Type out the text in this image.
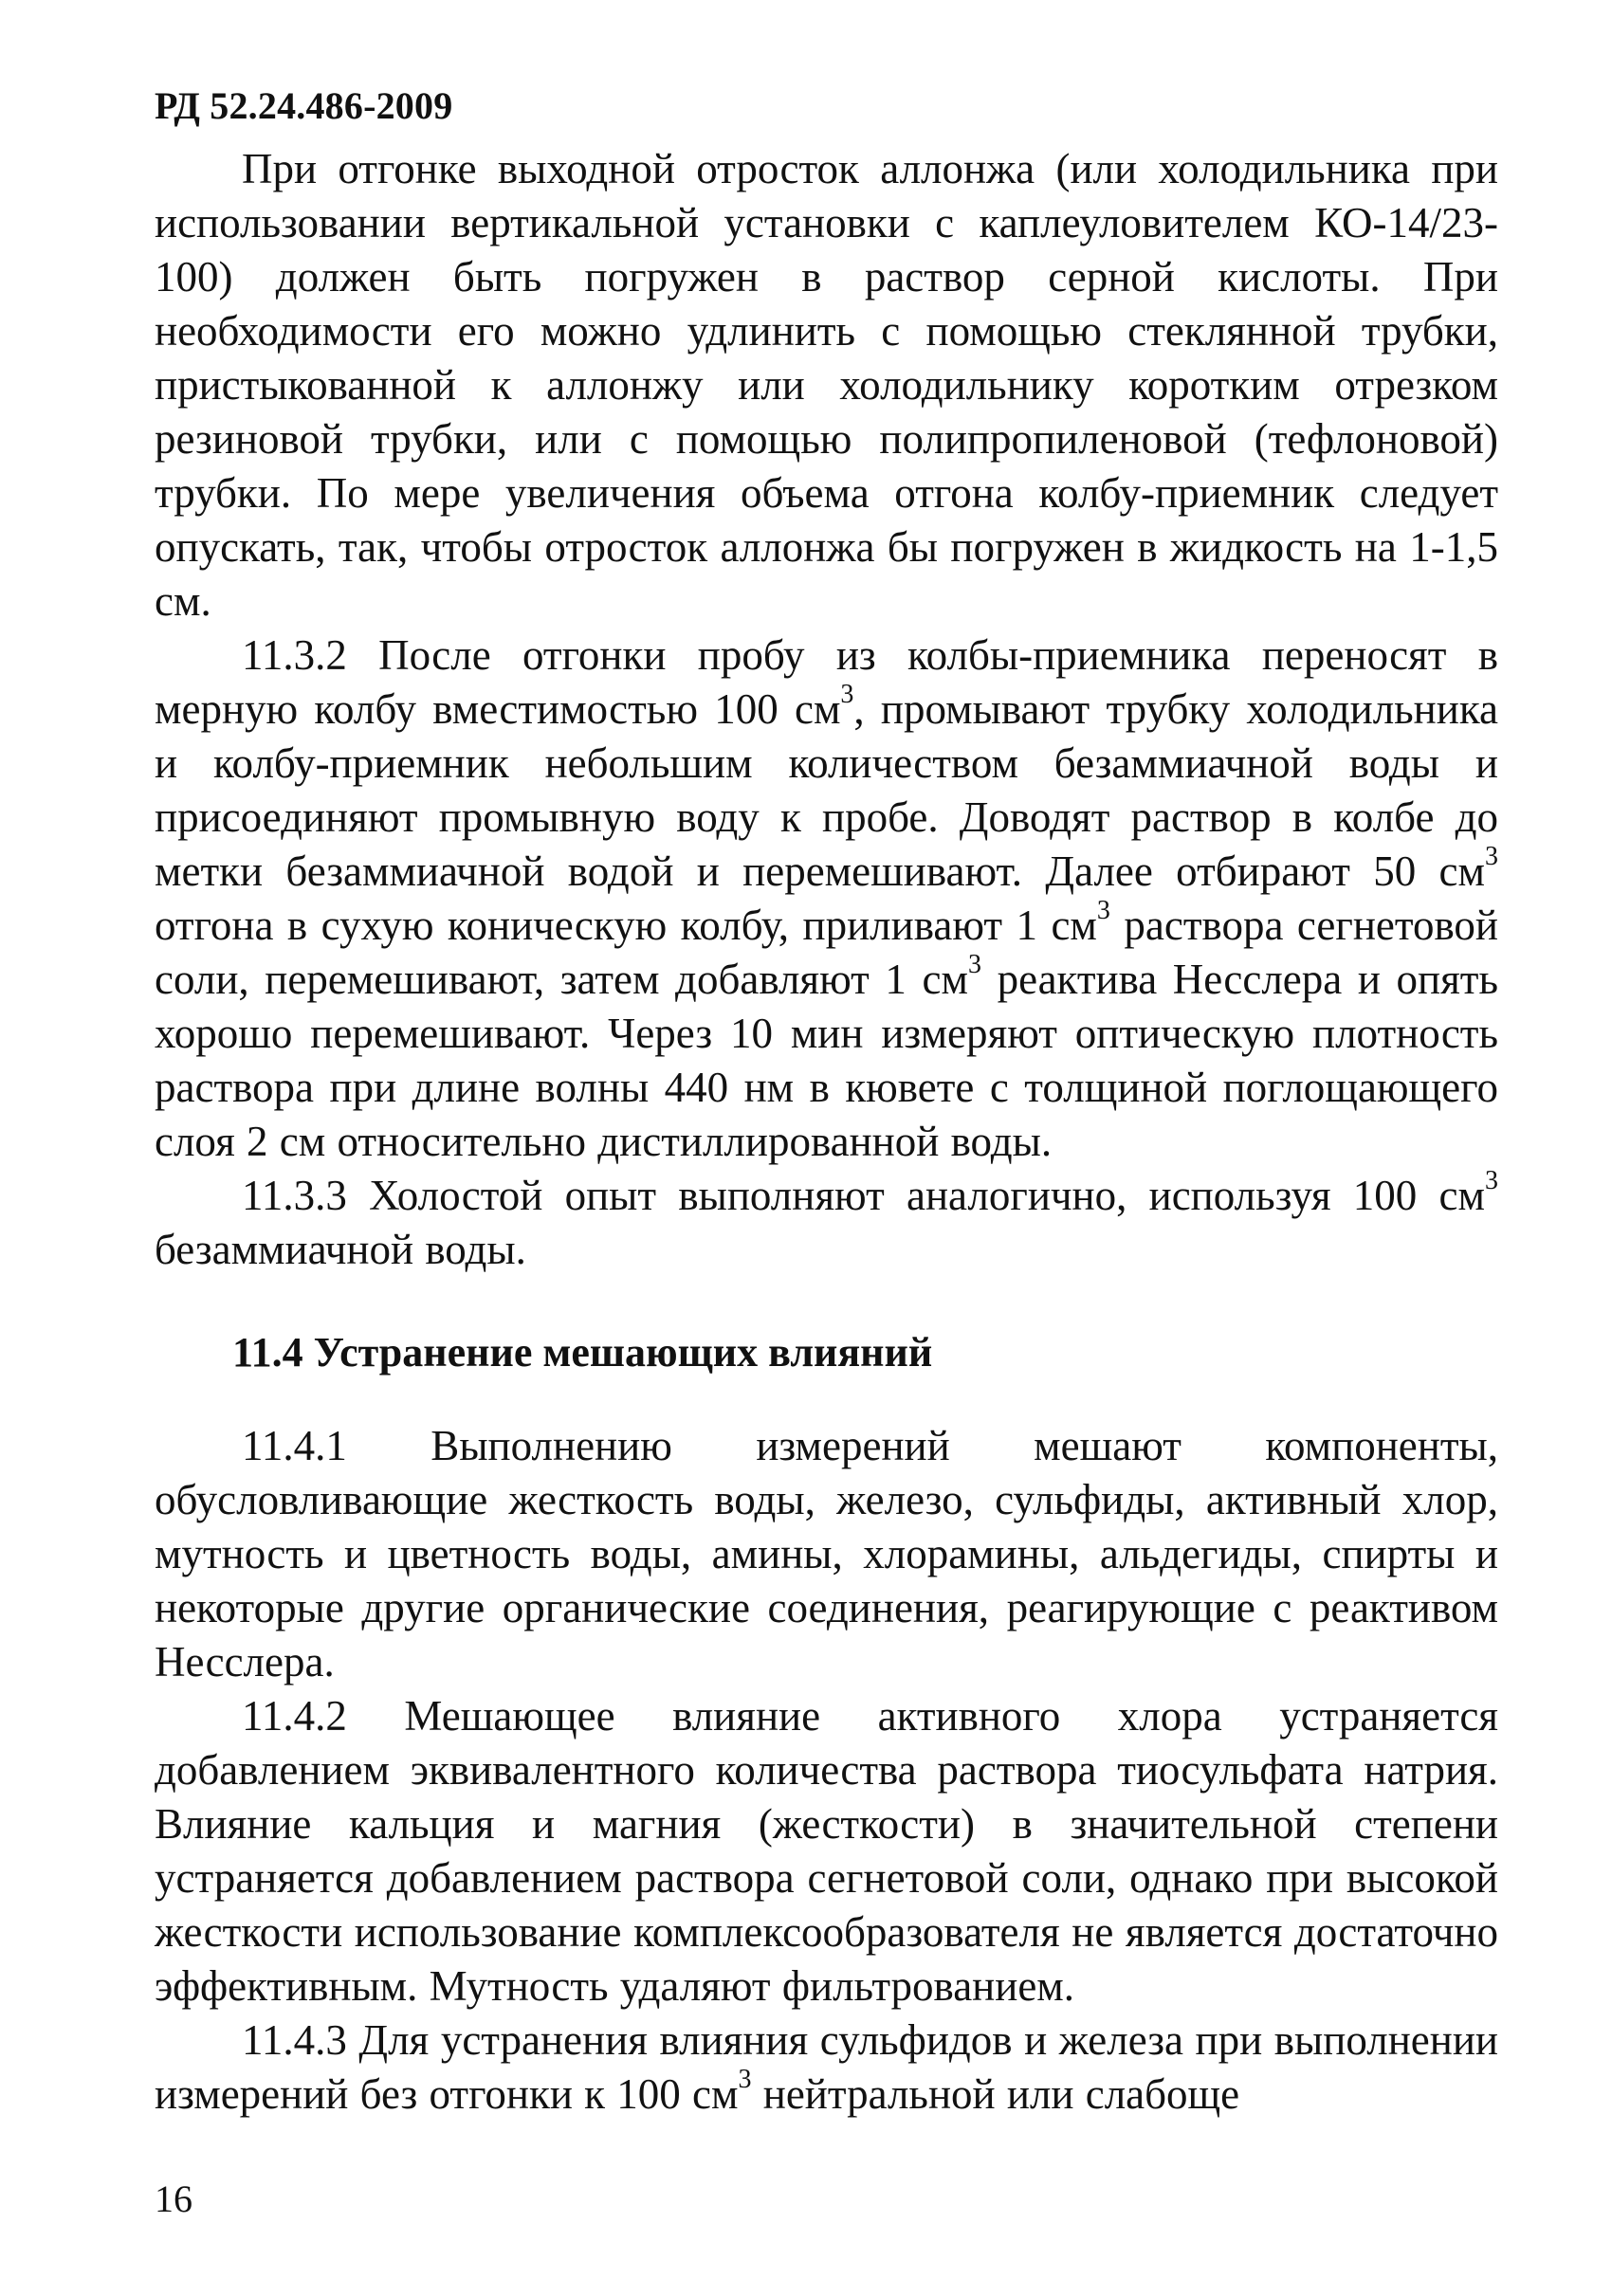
РД 52.24.486-2009

При отгонке выходной отросток аллонжа (или холодильника при использовании вертикальной установки с каплеуловителем КО-14/23-100) должен быть погружен в раствор серной кислоты. При необходимости его можно удлинить с помощью стеклянной трубки, пристыкованной к аллонжу или холодильнику коротким отрезком резиновой трубки, или с помощью полипропиленовой (тефлоновой) трубки. По мере увеличения объема отгона колбу-приемник следует опускать, так, чтобы отросток аллонжа бы погружен в жидкость на 1-1,5 см.

11.3.2 После отгонки пробу из колбы-приемника переносят в мерную колбу вместимостью 100 $см^3$, промывают трубку холодильника и колбу-приемник небольшим количеством безаммиачной воды и присоединяют промывную воду к пробе. Доводят раствор в колбе до метки безаммиачной водой и перемешивают. Далее отбирают 50 $см^3$ отгона в сухую коническую колбу, приливают 1 $см^3$ раствора сегнетовой соли, перемешивают, затем добавляют 1 $см^3$ реактива Несслера и опять хорошо перемешивают. Через 10 мин измеряют оптическую плотность раствора при длине волны 440 нм в кювете с толщиной поглощающего слоя 2 см относительно дистиллированной воды.

11.3.3 Холостой опыт выполняют аналогично, используя 100 $см^3$ безаммиачной воды.

11.4 Устранение мешающих влияний

11.4.1 Выполнению измерений мешают компоненты, обусловливающие жесткость воды, железо, сульфиды, активный хлор, мутность и цветность воды, амины, хлорамины, альдегиды, спирты и некоторые другие органические соединения, реагирующие с реактивом Несслера.

11.4.2 Мешающее влияние активного хлора устраняется добавлением эквивалентного количества раствора тиосульфата натрия. Влияние кальция и магния (жесткости) в значительной степени устраняется добавлением раствора сегнетовой соли, однако при высокой жесткости использование комплексообразователя не является достаточно эффективным. Мутность удаляют фильтрованием.

11.4.3 Для устранения влияния сульфидов и железа при выполнении измерений без отгонки к 100 $см^3$ нейтральной или слабоще

16
